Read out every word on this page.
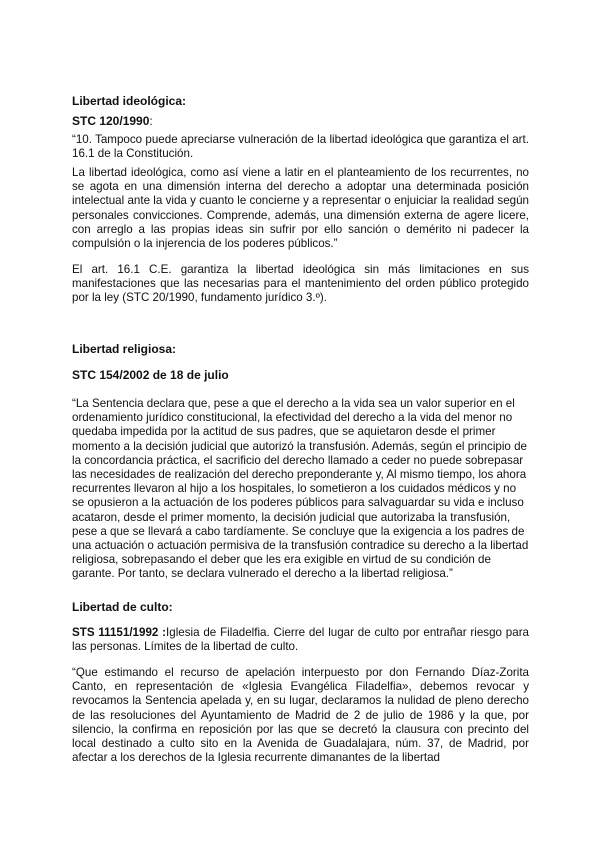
Libertad ideológica:

STC 120/1990:

“10. Tampoco puede apreciarse vulneración de la libertad ideológica que garantiza el art. 16.1 de la Constitución.

La libertad ideológica, como así viene a latir en el planteamiento de los recurrentes, no se agota en una dimensión interna del derecho a adoptar una determinada posición intelectual ante la vida y cuanto le concierne y a representar o enjuiciar la realidad según personales convicciones. Comprende, además, una dimensión externa de agere licere, con arreglo a las propias ideas sin sufrir por ello sanción o demérito ni padecer la compulsión o la injerencia de los poderes públicos.”

El art. 16.1 C.E. garantiza la libertad ideológica sin más limitaciones en sus manifestaciones que las necesarias para el mantenimiento del orden público protegido por la ley (STC 20/1990, fundamento jurídico 3.º).

Libertad religiosa:

STC 154/2002 de 18 de julio

“La Sentencia declara que, pese a que el derecho a la vida sea un valor superior en el ordenamiento jurídico constitucional, la efectividad del derecho a la vida del menor no quedaba impedida por la actitud de sus padres, que se aquietaron desde el primer momento a la decisión judicial que autorizó la transfusión. Además, según el principio de la concordancia práctica, el sacrificio del derecho llamado a ceder no puede sobrepasar las necesidades de realización del derecho preponderante y, Al mismo tiempo, los ahora recurrentes llevaron al hijo a los hospitales, lo sometieron a los cuidados médicos y no se opusieron a la actuación de los poderes públicos para salvaguardar su vida e incluso acataron, desde el primer momento, la decisión judicial que autorizaba la transfusión, pese a que se llevará a cabo tardíamente. Se concluye que la exigencia a los padres de una actuación o actuación permisiva de la transfusión contradice su derecho a la libertad religiosa, sobrepasando el deber que les era exigible en virtud de su condición de garante. Por tanto, se declara vulnerado el derecho a la libertad religiosa.”

Libertad de culto:

STS 11151/1992 :Iglesia de Filadelfia. Cierre del lugar de culto por entrañar riesgo para las personas. Límites de la libertad de culto.

“Que estimando el recurso de apelación interpuesto por don Fernando Díaz-Zorita Canto, en representación de «Iglesia Evangélica Filadelfia», debemos revocar y revocamos la Sentencia apelada y, en su lugar, declaramos la nulidad de pleno derecho de las resoluciones del Ayuntamiento de Madrid de 2 de julio de 1986 y la que, por silencio, la confirma en reposición por las que se decretó la clausura con precinto del local destinado a culto sito en la Avenida de Guadalajara, núm. 37, de Madrid, por afectar a los derechos de la Iglesia recurrente dimanantes de la libertad
